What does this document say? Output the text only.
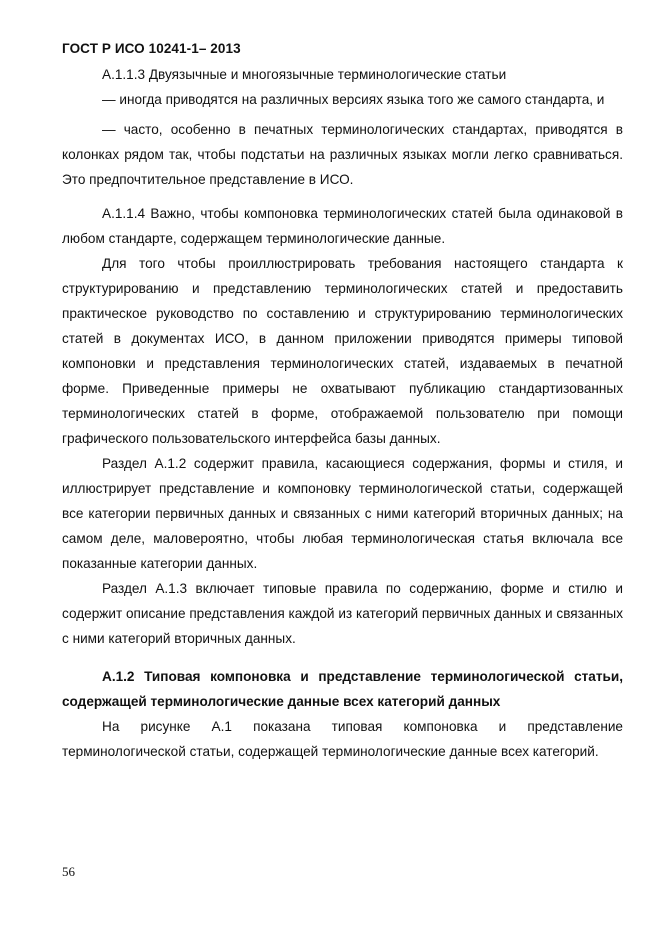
ГОСТ Р ИСО 10241-1– 2013

А.1.1.3 Двуязычные и многоязычные терминологические статьи

— иногда приводятся на различных версиях языка того же самого стандарта, и

— часто, особенно в печатных терминологических стандартах, приводятся в колонках рядом так, чтобы подстатьи на различных языках могли легко сравниваться. Это предпочтительное представление в ИСО.

А.1.1.4 Важно, чтобы компоновка терминологических статей была одинаковой в любом стандарте, содержащем терминологические данные.

Для того чтобы проиллюстрировать требования настоящего стандарта к структурированию и представлению терминологических статей и предоставить практическое руководство по составлению и структурированию терминологических статей в документах ИСО, в данном приложении приводятся примеры типовой компоновки и представления терминологических статей, издаваемых в печатной форме. Приведенные примеры не охватывают публикацию стандартизованных терминологических статей в форме, отображаемой пользователю при помощи графического пользовательского интерфейса базы данных.

Раздел А.1.2 содержит правила, касающиеся содержания, формы и стиля, и иллюстрирует представление и компоновку терминологической статьи, содержащей все категории первичных данных и связанных с ними категорий вторичных данных; на самом деле, маловероятно, чтобы любая терминологическая статья включала все показанные категории данных.

Раздел А.1.3 включает типовые правила по содержанию, форме и стилю и содержит описание представления каждой из категорий первичных данных и связанных с ними категорий вторичных данных.

А.1.2 Типовая компоновка и представление терминологической статьи, содержащей терминологические данные всех категорий данных

На рисунке А.1 показана типовая компоновка и представление терминологической статьи, содержащей терминологические данные всех категорий.

56
